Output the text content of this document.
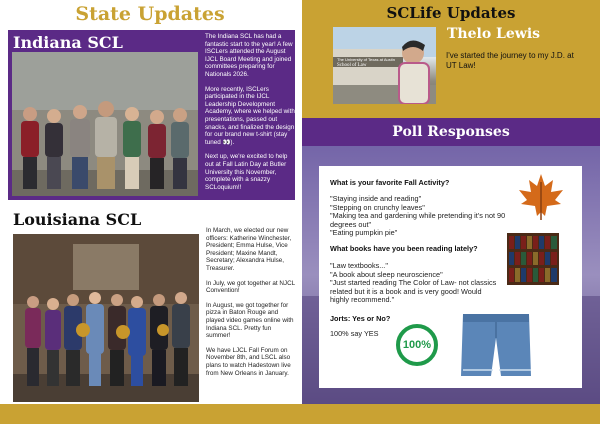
State Updates
Indiana SCL	The Indiana SCL has had a fantastic start to the year! A few ISCLers attended the August IJCL Board Meeting and joined committees preparing for Nationals 2026.

More recently, ISCLers participated in the IJCL Leadership Development Academy, where we helped with presentations, passed out snacks, and finalized the design for our brand new t-shirt (stay tuned 👀).

Next up, we're excited to help out at Fall Latin Day at Butler University this November, complete with a snazzy SCLoquium!!

Louisiana SCL

In March, we elected our new officers: Katherine Winchester, President; Emma Hulse, Vice President; Maxine Mandt, Secretary; Alexandra Hulse, Treasurer.

In July, we got together at NJCL Convention!

In August, we got together for pizza in Baton Rouge and played video games online with Indiana SCL. Pretty fun summer!

We have LJCL Fall Forum on November 8th, and LSCL also plans to watch Hadestown live from New Orleans in January.

SCLife Updates
The University of Texas at Austin
School of Law
Thelo Lewis
I've started the journey to my J.D. at UT Law!
Poll Responses
What is your favorite Fall Activity?
"Staying inside and reading"
"Stepping on crunchy leaves"
"Making tea and gardening while pretending it's not 90 degrees out"
"Eating pumpkin pie"
What books have you been reading lately?
"Law textbooks..."
"A book about sleep neuroscience"
"Just started reading The Color of Law- not classics related but it is a book and is very good! Would highly recommend."
Jorts: Yes or No?
100% say YES
100%
